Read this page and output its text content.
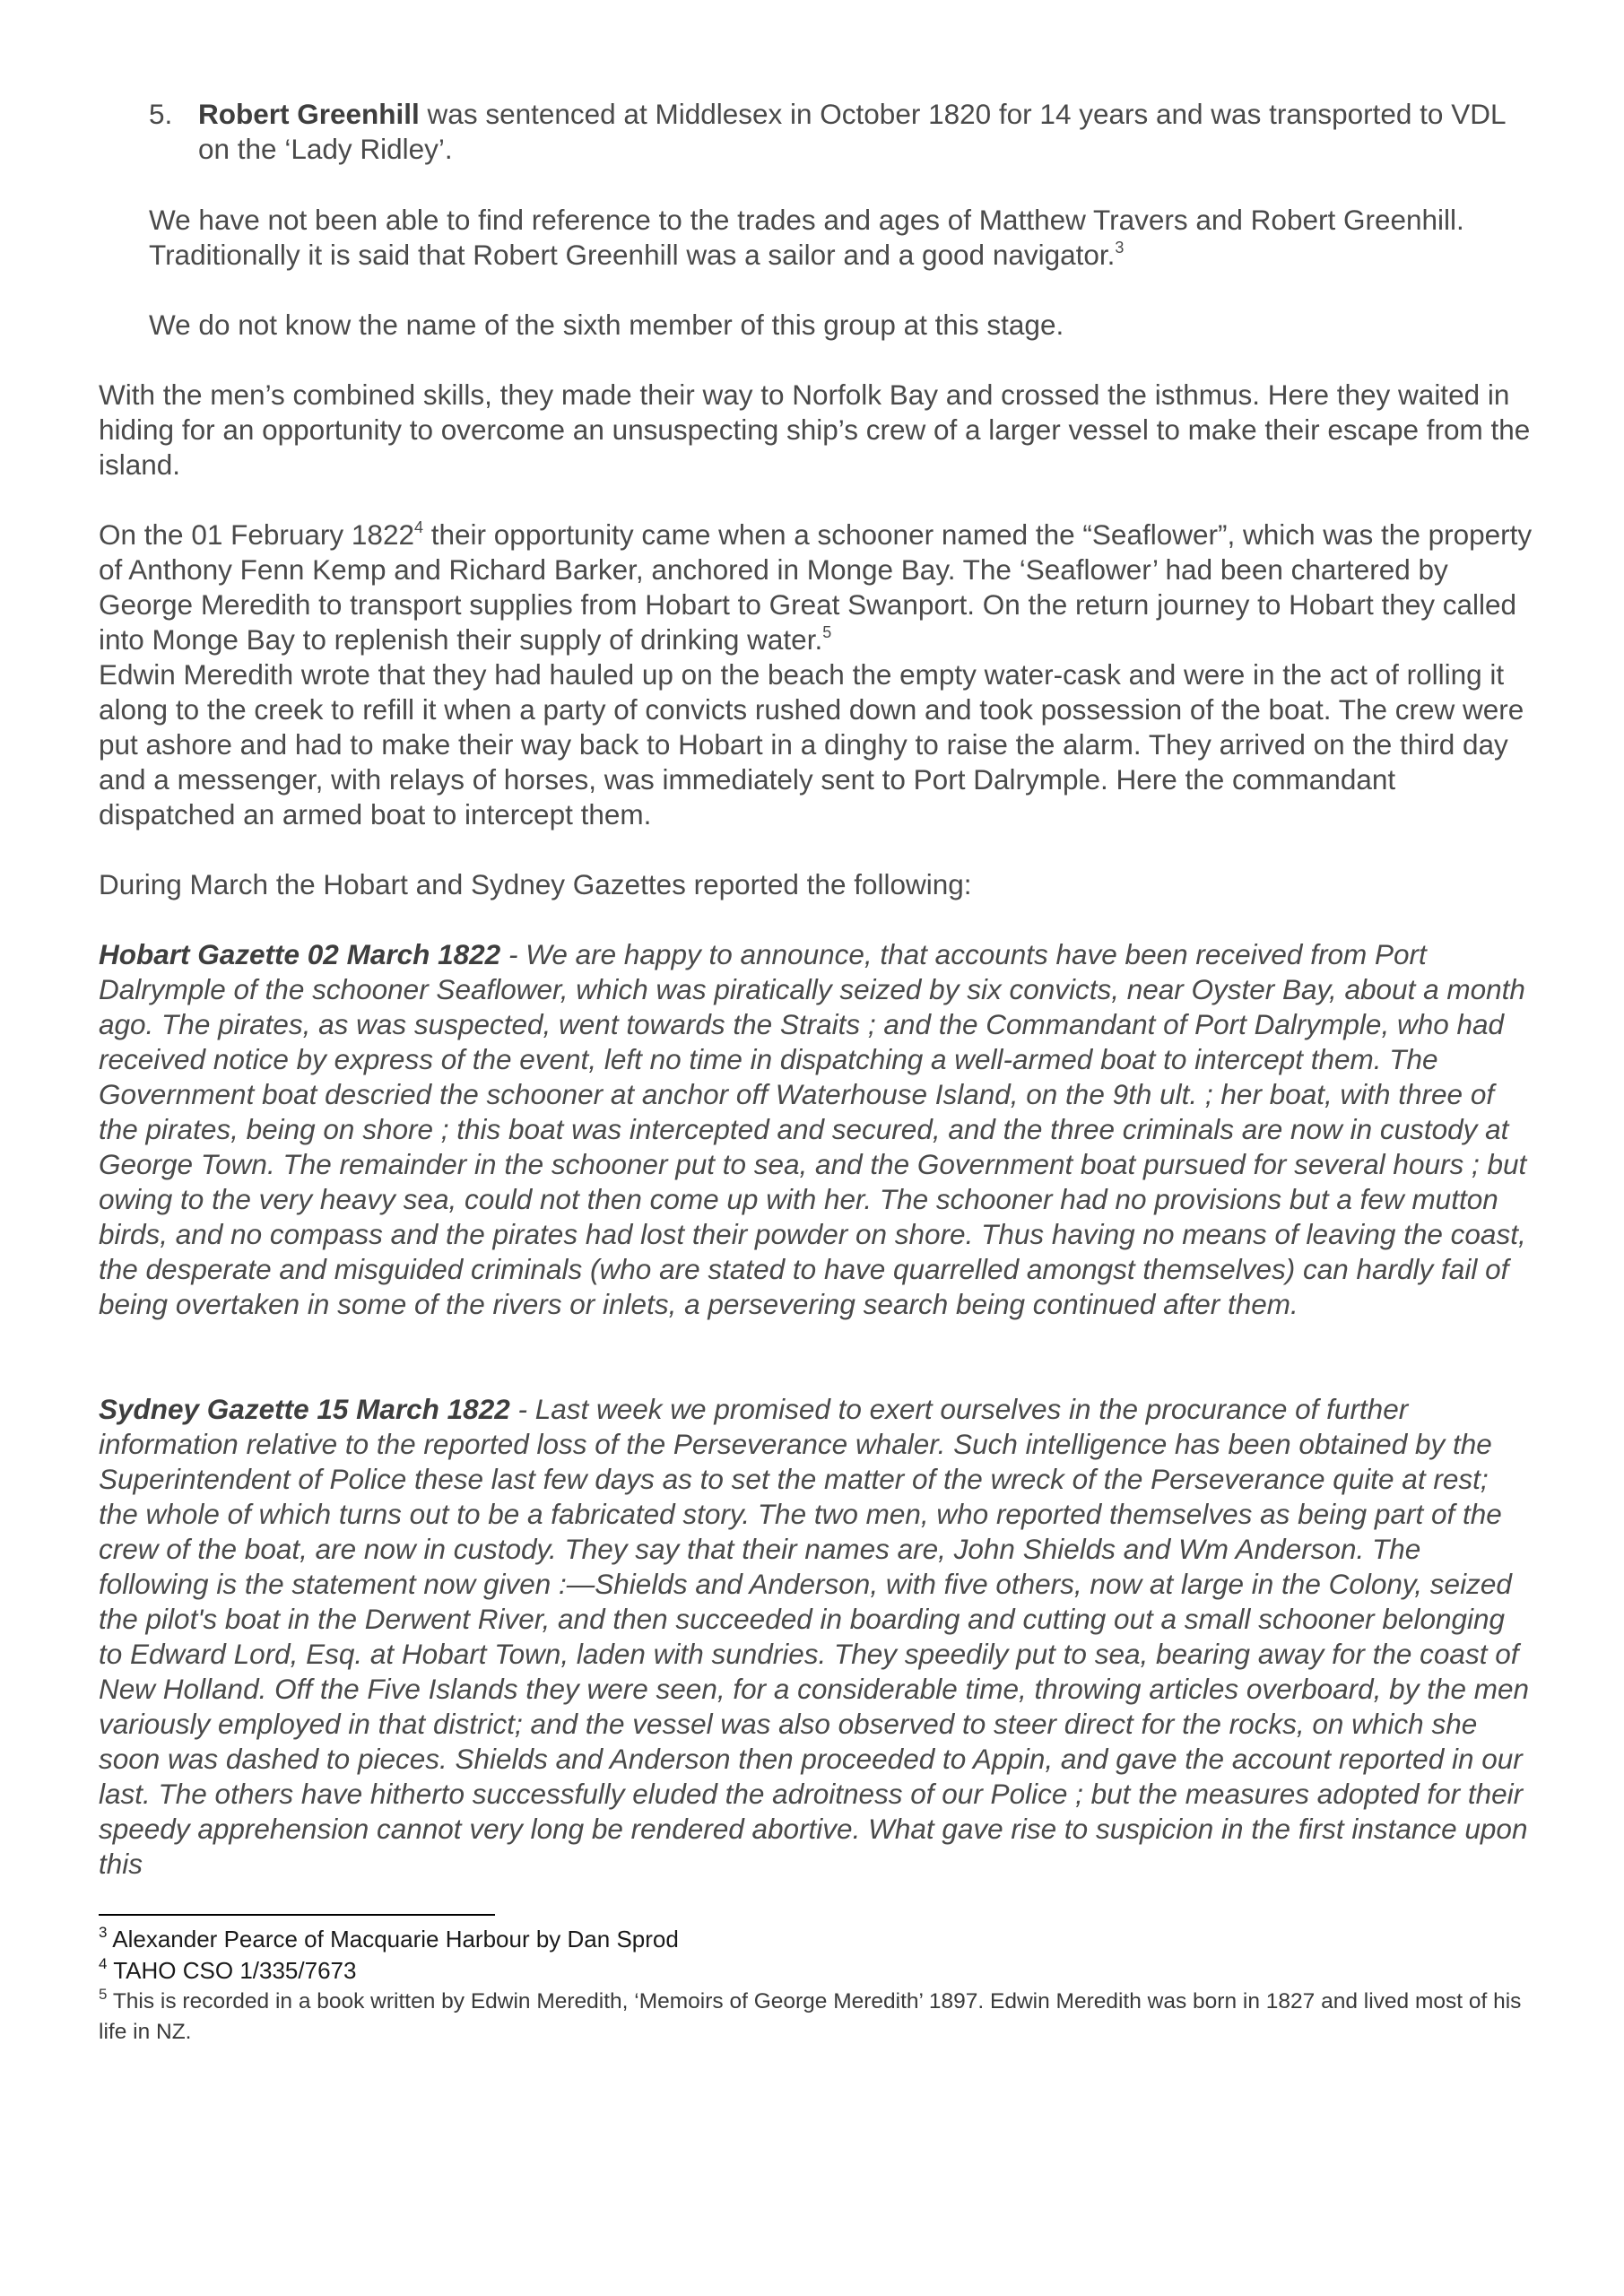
5. Robert Greenhill was sentenced at Middlesex in October 1820 for 14 years and was transported to VDL on the ‘Lady Ridley’.

We have not been able to find reference to the trades and ages of Matthew Travers and Robert Greenhill. Traditionally it is said that Robert Greenhill was a sailor and a good navigator.$^3$

We do not know the name of the sixth member of this group at this stage.

With the men’s combined skills, they made their way to Norfolk Bay and crossed the isthmus. Here they waited in hiding for an opportunity to overcome an unsuspecting ship’s crew of a larger vessel to make their escape from the island.

On the 01 February 1822$^4$ their opportunity came when a schooner named the “Seaflower”, which was the property of Anthony Fenn Kemp and Richard Barker, anchored in Monge Bay. The ‘Seaflower’ had been chartered by George Meredith to transport supplies from Hobart to Great Swanport. On the return journey to Hobart they called into Monge Bay to replenish their supply of drinking water.$^5$

Edwin Meredith wrote that they had hauled up on the beach the empty water-cask and were in the act of rolling it along to the creek to refill it when a party of convicts rushed down and took possession of the boat. The crew were put ashore and had to make their way back to Hobart in a dinghy to raise the alarm. They arrived on the third day and a messenger, with relays of horses, was immediately sent to Port Dalrymple. Here the commandant dispatched an armed boat to intercept them.

During March the Hobart and Sydney Gazettes reported the following:

Hobart Gazette 02 March 1822 - We are happy to announce, that accounts have been received from Port Dalrymple of the schooner Seaflower, which was piratically seized by six convicts, near Oyster Bay, about a month ago. The pirates, as was suspected, went towards the Straits ; and the Commandant of Port Dalrymple, who had received notice by express of the event, left no time in dispatching a well-armed boat to intercept them. The Government boat descried the schooner at anchor off Waterhouse Island, on the 9th ult. ; her boat, with three of the pirates, being on shore ; this boat was intercepted and secured, and the three criminals are now in custody at George Town. The remainder in the schooner put to sea, and the Government boat pursued for several hours ; but owing to the very heavy sea, could not then come up with her. The schooner had no provisions but a few mutton birds, and no compass and the pirates had lost their powder on shore. Thus having no means of leaving the coast, the desperate and misguided criminals (who are stated to have quarrelled amongst themselves) can hardly fail of being overtaken in some of the rivers or inlets, a persevering search being continued after them.

Sydney Gazette 15 March 1822 - Last week we promised to exert ourselves in the procurance of further information relative to the reported loss of the Perseverance whaler. Such intelligence has been obtained by the Superintendent of Police these last few days as to set the matter of the wreck of the Perseverance quite at rest; the whole of which turns out to be a fabricated story. The two men, who reported themselves as being part of the crew of the boat, are now in custody. They say that their names are, John Shields and Wm Anderson. The following is the statement now given :—Shields and Anderson, with five others, now at large in the Colony, seized the pilot's boat in the Derwent River, and then succeeded in boarding and cutting out a small schooner belonging to Edward Lord, Esq. at Hobart Town, laden with sundries. They speedily put to sea, bearing away for the coast of New Holland. Off the Five Islands they were seen, for a considerable time, throwing articles overboard, by the men variously employed in that district; and the vessel was also observed to steer direct for the rocks, on which she soon was dashed to pieces. Shields and Anderson then proceeded to Appin, and gave the account reported in our last. The others have hitherto successfully eluded the adroitness of our Police ; but the measures adopted for their speedy apprehension cannot very long be rendered abortive. What gave rise to suspicion in the first instance upon this

$^3$ Alexander Pearce of Macquarie Harbour by Dan Sprod

$^4$ TAHO CSO 1/335/7673

$^5$ This is recorded in a book written by Edwin Meredith, ‘Memoirs of George Meredith’ 1897. Edwin Meredith was born in 1827 and lived most of his life in NZ.
